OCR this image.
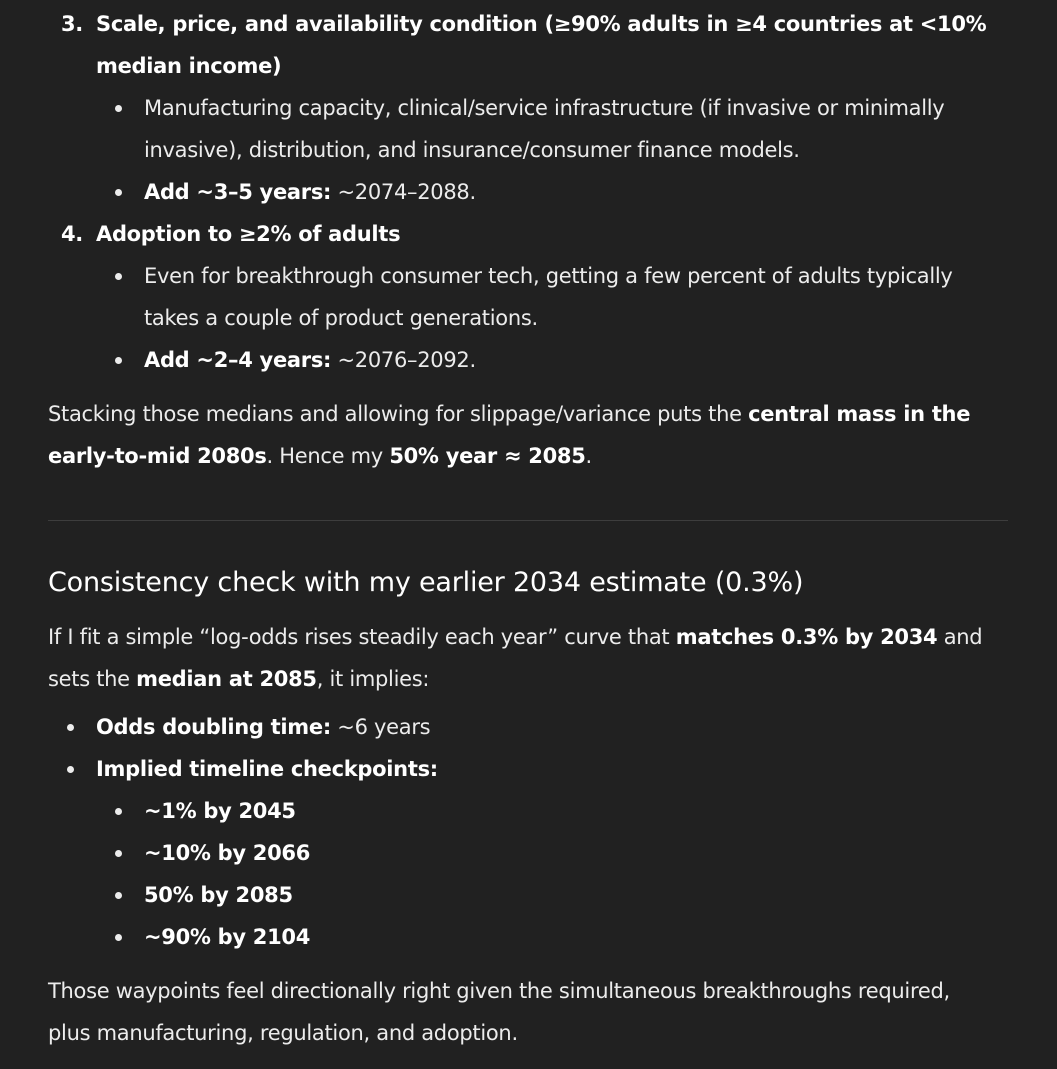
3. Scale, price, and availability condition (≥90% adults in ≥4 countries at <10%
median income)
Manufacturing capacity, clinical/service infrastructure (if invasive or minimally
invasive), distribution, and insurance/consumer finance models.
Add ~3–5 years: ~2074–2088.
4. Adoption to ≥2% of adults
Even for breakthrough consumer tech, getting a few percent of adults typically
takes a couple of product generations.
Add ~2–4 years: ~2076–2092.
Stacking those medians and allowing for slippage/variance puts the central mass in the
early-to-mid 2080s. Hence my 50% year ≈ 2085.
Consistency check with my earlier 2034 estimate (0.3%)
If I fit a simple “log-odds rises steadily each year” curve that matches 0.3% by 2034 and
sets the median at 2085, it implies:
Odds doubling time: ~6 years
Implied timeline checkpoints:
~1% by 2045
~10% by 2066
50% by 2085
~90% by 2104
Those waypoints feel directionally right given the simultaneous breakthroughs required,
plus manufacturing, regulation, and adoption.
